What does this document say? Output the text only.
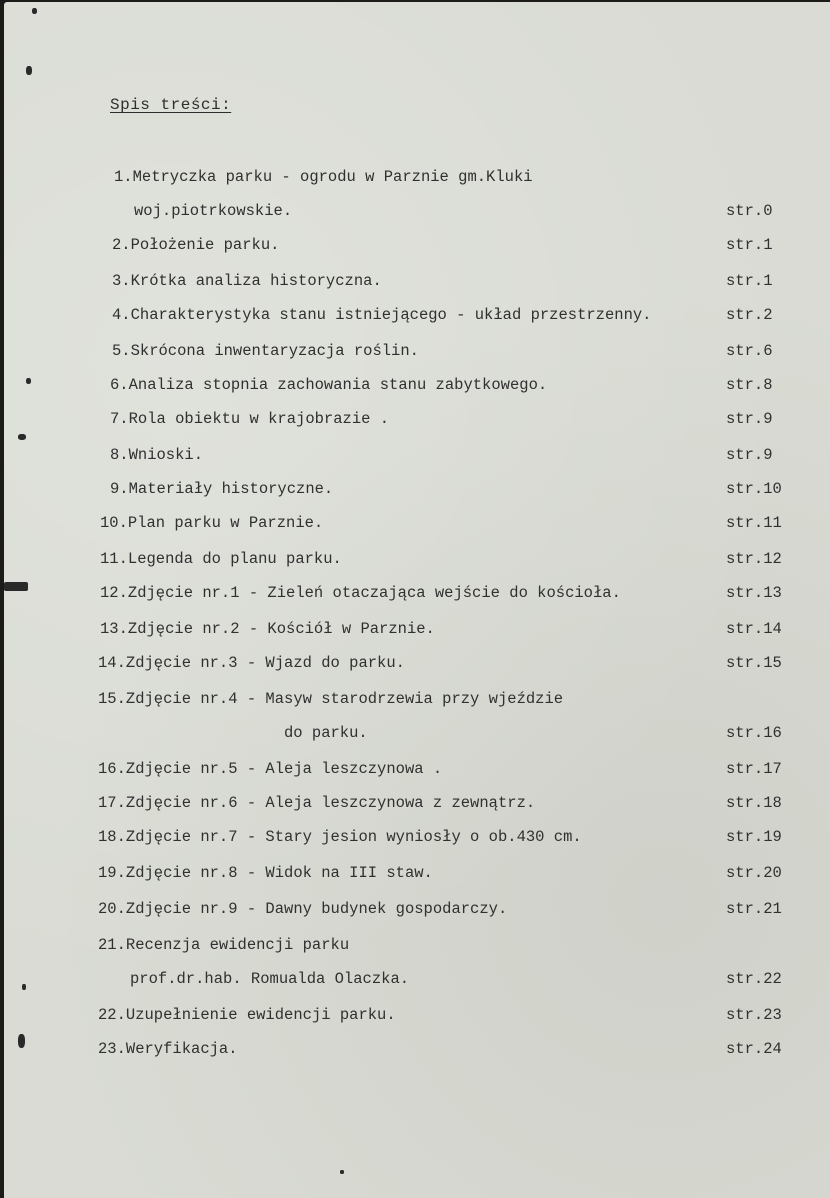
Spis treści:
1.Metryczka parku - ogrodu w Parznie gm.Kluki
woj.piotrkowskie.	str.0
2.Położenie parku.	str.1
3.Krótka analiza historyczna.	str.1
4.Charakterystyka stanu istniejącego - układ przestrzenny.	str.2
5.Skrócona inwentaryzacja roślin.	str.6
6.Analiza stopnia zachowania stanu zabytkowego.	str.8
7.Rola obiektu w krajobrazie .	str.9
8.Wnioski.	str.9
9.Materiały historyczne.	str.10
10.Plan parku w Parznie.	str.11
11.Legenda do planu parku.	str.12
12.Zdjęcie nr.1 - Zieleń otaczająca wejście do kościoła.	str.13
13.Zdjęcie nr.2 - Kościół w Parznie.	str.14
14.Zdjęcie nr.3 - Wjazd do parku.	str.15
15.Zdjęcie nr.4 - Masyw starodrzewia przy wjeździe
do parku.	str.16
16.Zdjęcie nr.5 - Aleja leszczynowa .	str.17
17.Zdjęcie nr.6 - Aleja leszczynowa z zewnątrz.	str.18
18.Zdjęcie nr.7 - Stary jesion wyniosły o ob.430 cm.	str.19
19.Zdjęcie nr.8 - Widok na III staw.	str.20
20.Zdjęcie nr.9 - Dawny budynek gospodarczy.	str.21
21.Recenzja ewidencji parku
prof.dr.hab. Romualda Olaczka.	str.22
22.Uzupełnienie ewidencji parku.	str.23
23.Weryfikacja.	str.24
